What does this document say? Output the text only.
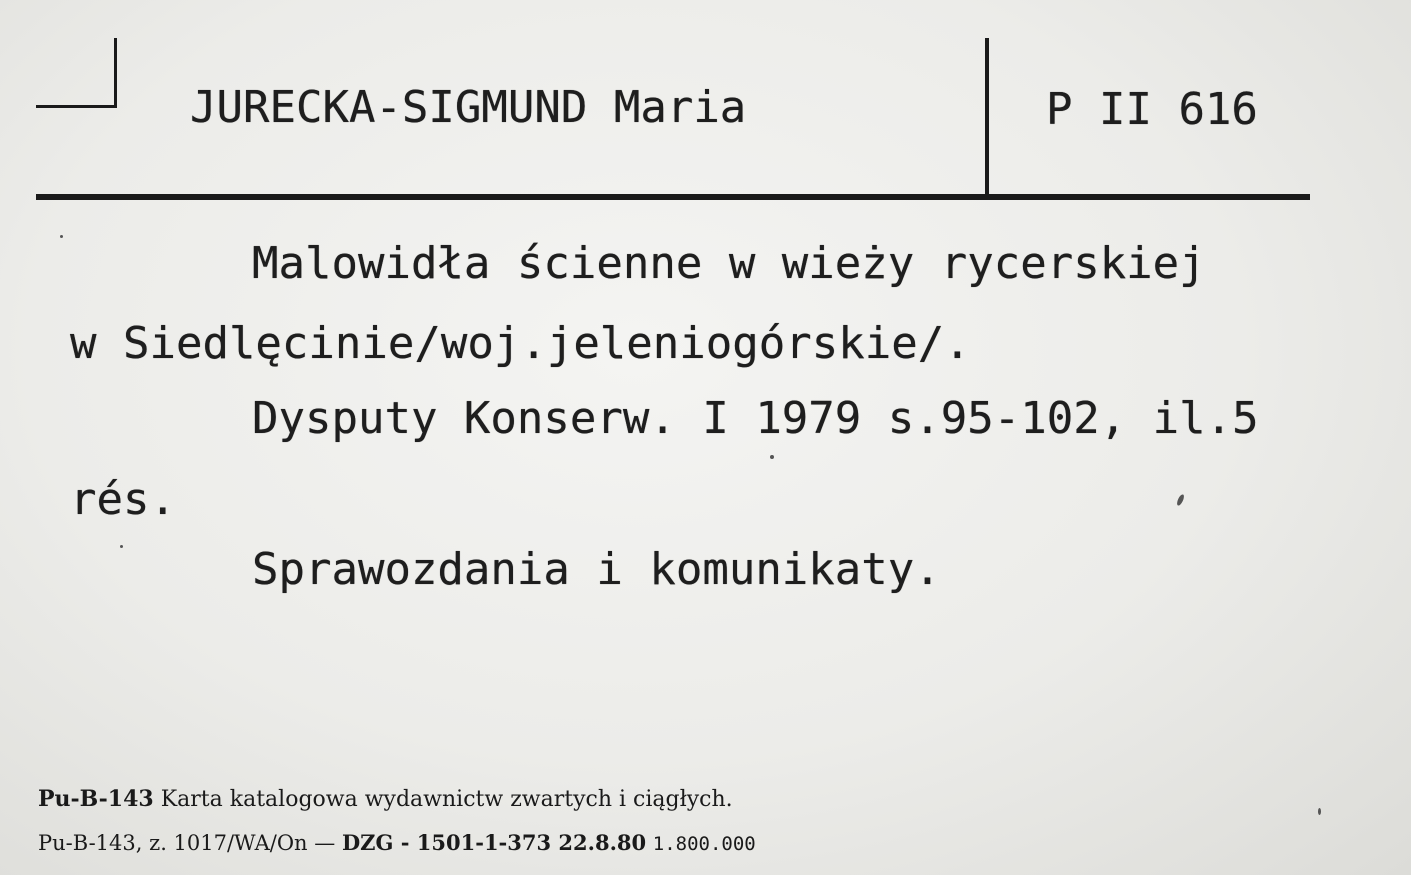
JURECKA-SIGMUND Maria	P II 616
Malowidła ścienne w wieży rycerskiej
w Siedlęcinie/woj.jeleniogórskie/.
Dysputy Konserw. I 1979 s.95-102, il.5
rés.
Sprawozdania i komunikaty.
Pu-B-143 Karta katalogowa wydawnictw zwartych i ciągłych.
Pu-B-143, z. 1017/WA/On — DZG - 1501-1-373 22.8.80 1.800.000
